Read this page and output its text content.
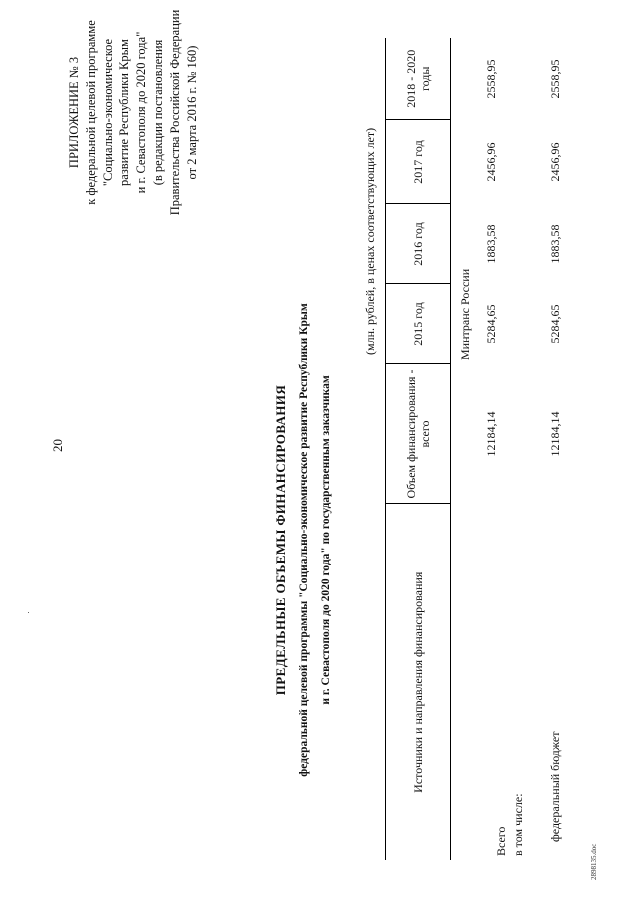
20
ПРИЛОЖЕНИЕ № 3 к федеральной целевой программе "Социально-экономическое развитие Республики Крым и г. Севастополя до 2020 года" (в редакции постановления Правительства Российской Федерации от 2 марта 2016 г. № 160)
ПРЕДЕЛЬНЫЕ ОБЪЕМЫ ФИНАНСИРОВАНИЯ федеральной целевой программы "Социально-экономическое развитие Республики Крым и г. Севастополя до 2020 года" по государственным заказчикам
(млн. рублей, в ценах соответствующих лет)
Источники и направления финансирования	Объем финансирования - всего	2015 год	2016 год	2017 год	2018 - 2020 годы
		Минтранс России			
Всего	12184,14	5284,65	1883,58	2456,96	2558,95
в том числе:					
федеральный бюджет	12184,14	5284,65	1883,58	2456,96	2558,95

2898135.doc
